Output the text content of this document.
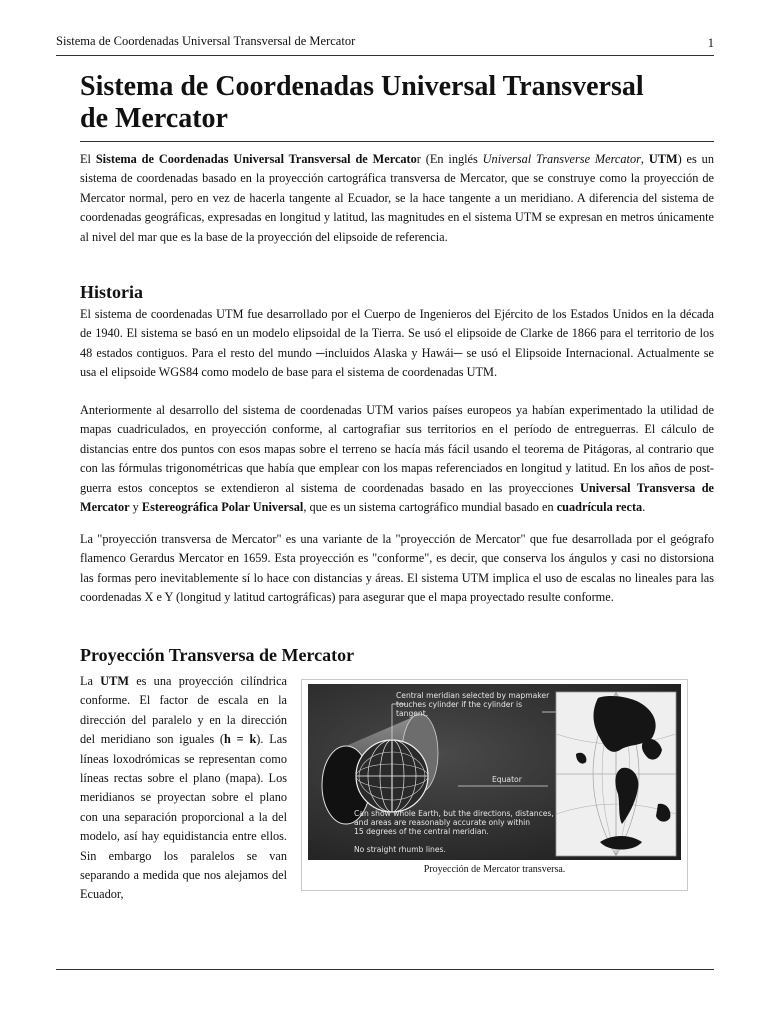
Sistema de Coordenadas Universal Transversal de Mercator	1
Sistema de Coordenadas Universal Transversal
de Mercator

El Sistema de Coordenadas Universal Transversal de Mercator (En inglés Universal Transverse Mercator, UTM) es un sistema de coordenadas basado en la proyección cartográfica transversa de Mercator, que se construye como la proyección de Mercator normal, pero en vez de hacerla tangente al Ecuador, se la hace tangente a un meridiano. A diferencia del sistema de coordenadas geográficas, expresadas en longitud y latitud, las magnitudes en el sistema UTM se expresan en metros únicamente al nivel del mar que es la base de la proyección del elipsoide de referencia.

Historia

El sistema de coordenadas UTM fue desarrollado por el Cuerpo de Ingenieros del Ejército de los Estados Unidos en la década de 1940. El sistema se basó en un modelo elipsoidal de la Tierra. Se usó el elipsoide de Clarke de 1866 para el territorio de los 48 estados contiguos. Para el resto del mundo ─incluidos Alaska y Hawái─ se usó el Elipsoide Internacional. Actualmente se usa el elipsoide WGS84 como modelo de base para el sistema de coordenadas UTM.

Anteriormente al desarrollo del sistema de coordenadas UTM varios países europeos ya habían experimentado la utilidad de mapas cuadriculados, en proyección conforme, al cartografiar sus territorios en el período de entreguerras. El cálculo de distancias entre dos puntos con esos mapas sobre el terreno se hacía más fácil usando el teorema de Pitágoras, al contrario que con las fórmulas trigonométricas que había que emplear con los mapas referenciados en longitud y latitud. En los años de post-guerra estos conceptos se extendieron al sistema de coordenadas basado en las proyecciones Universal Transversa de Mercator y Estereográfica Polar Universal, que es un sistema cartográfico mundial basado en cuadrícula recta.

La "proyección transversa de Mercator" es una variante de la "proyección de Mercator" que fue desarrollada por el geógrafo flamenco Gerardus Mercator en 1659. Esta proyección es "conforme", es decir, que conserva los ángulos y casi no distorsiona las formas pero inevitablemente sí lo hace con distancias y áreas. El sistema UTM implica el uso de escalas no lineales para las coordenadas X e Y (longitud y latitud cartográficas) para asegurar que el mapa proyectado resulte conforme.

Proyección Transversa de Mercator

La UTM es una proyección cilíndrica conforme. El factor de escala en la dirección del paralelo y en la dirección del meridiano son iguales (h = k). Las líneas loxodrómicas se representan como líneas rectas sobre el plano (mapa). Los meridianos se proyectan sobre el plano con una separación proporcional a la del modelo, así hay equidistancia entre ellos. Sin embargo los paralelos se van separando a medida que nos alejamos del Ecuador,

Central meridian selected by mapmaker
touches cylinder if the cylinder is
tangent.
Equator
Can show whole Earth, but the directions, distances,
and areas are reasonably accurate only within
15 degrees of the central meridian.
No straight rhumb lines.
Proyección de Mercator transversa.
